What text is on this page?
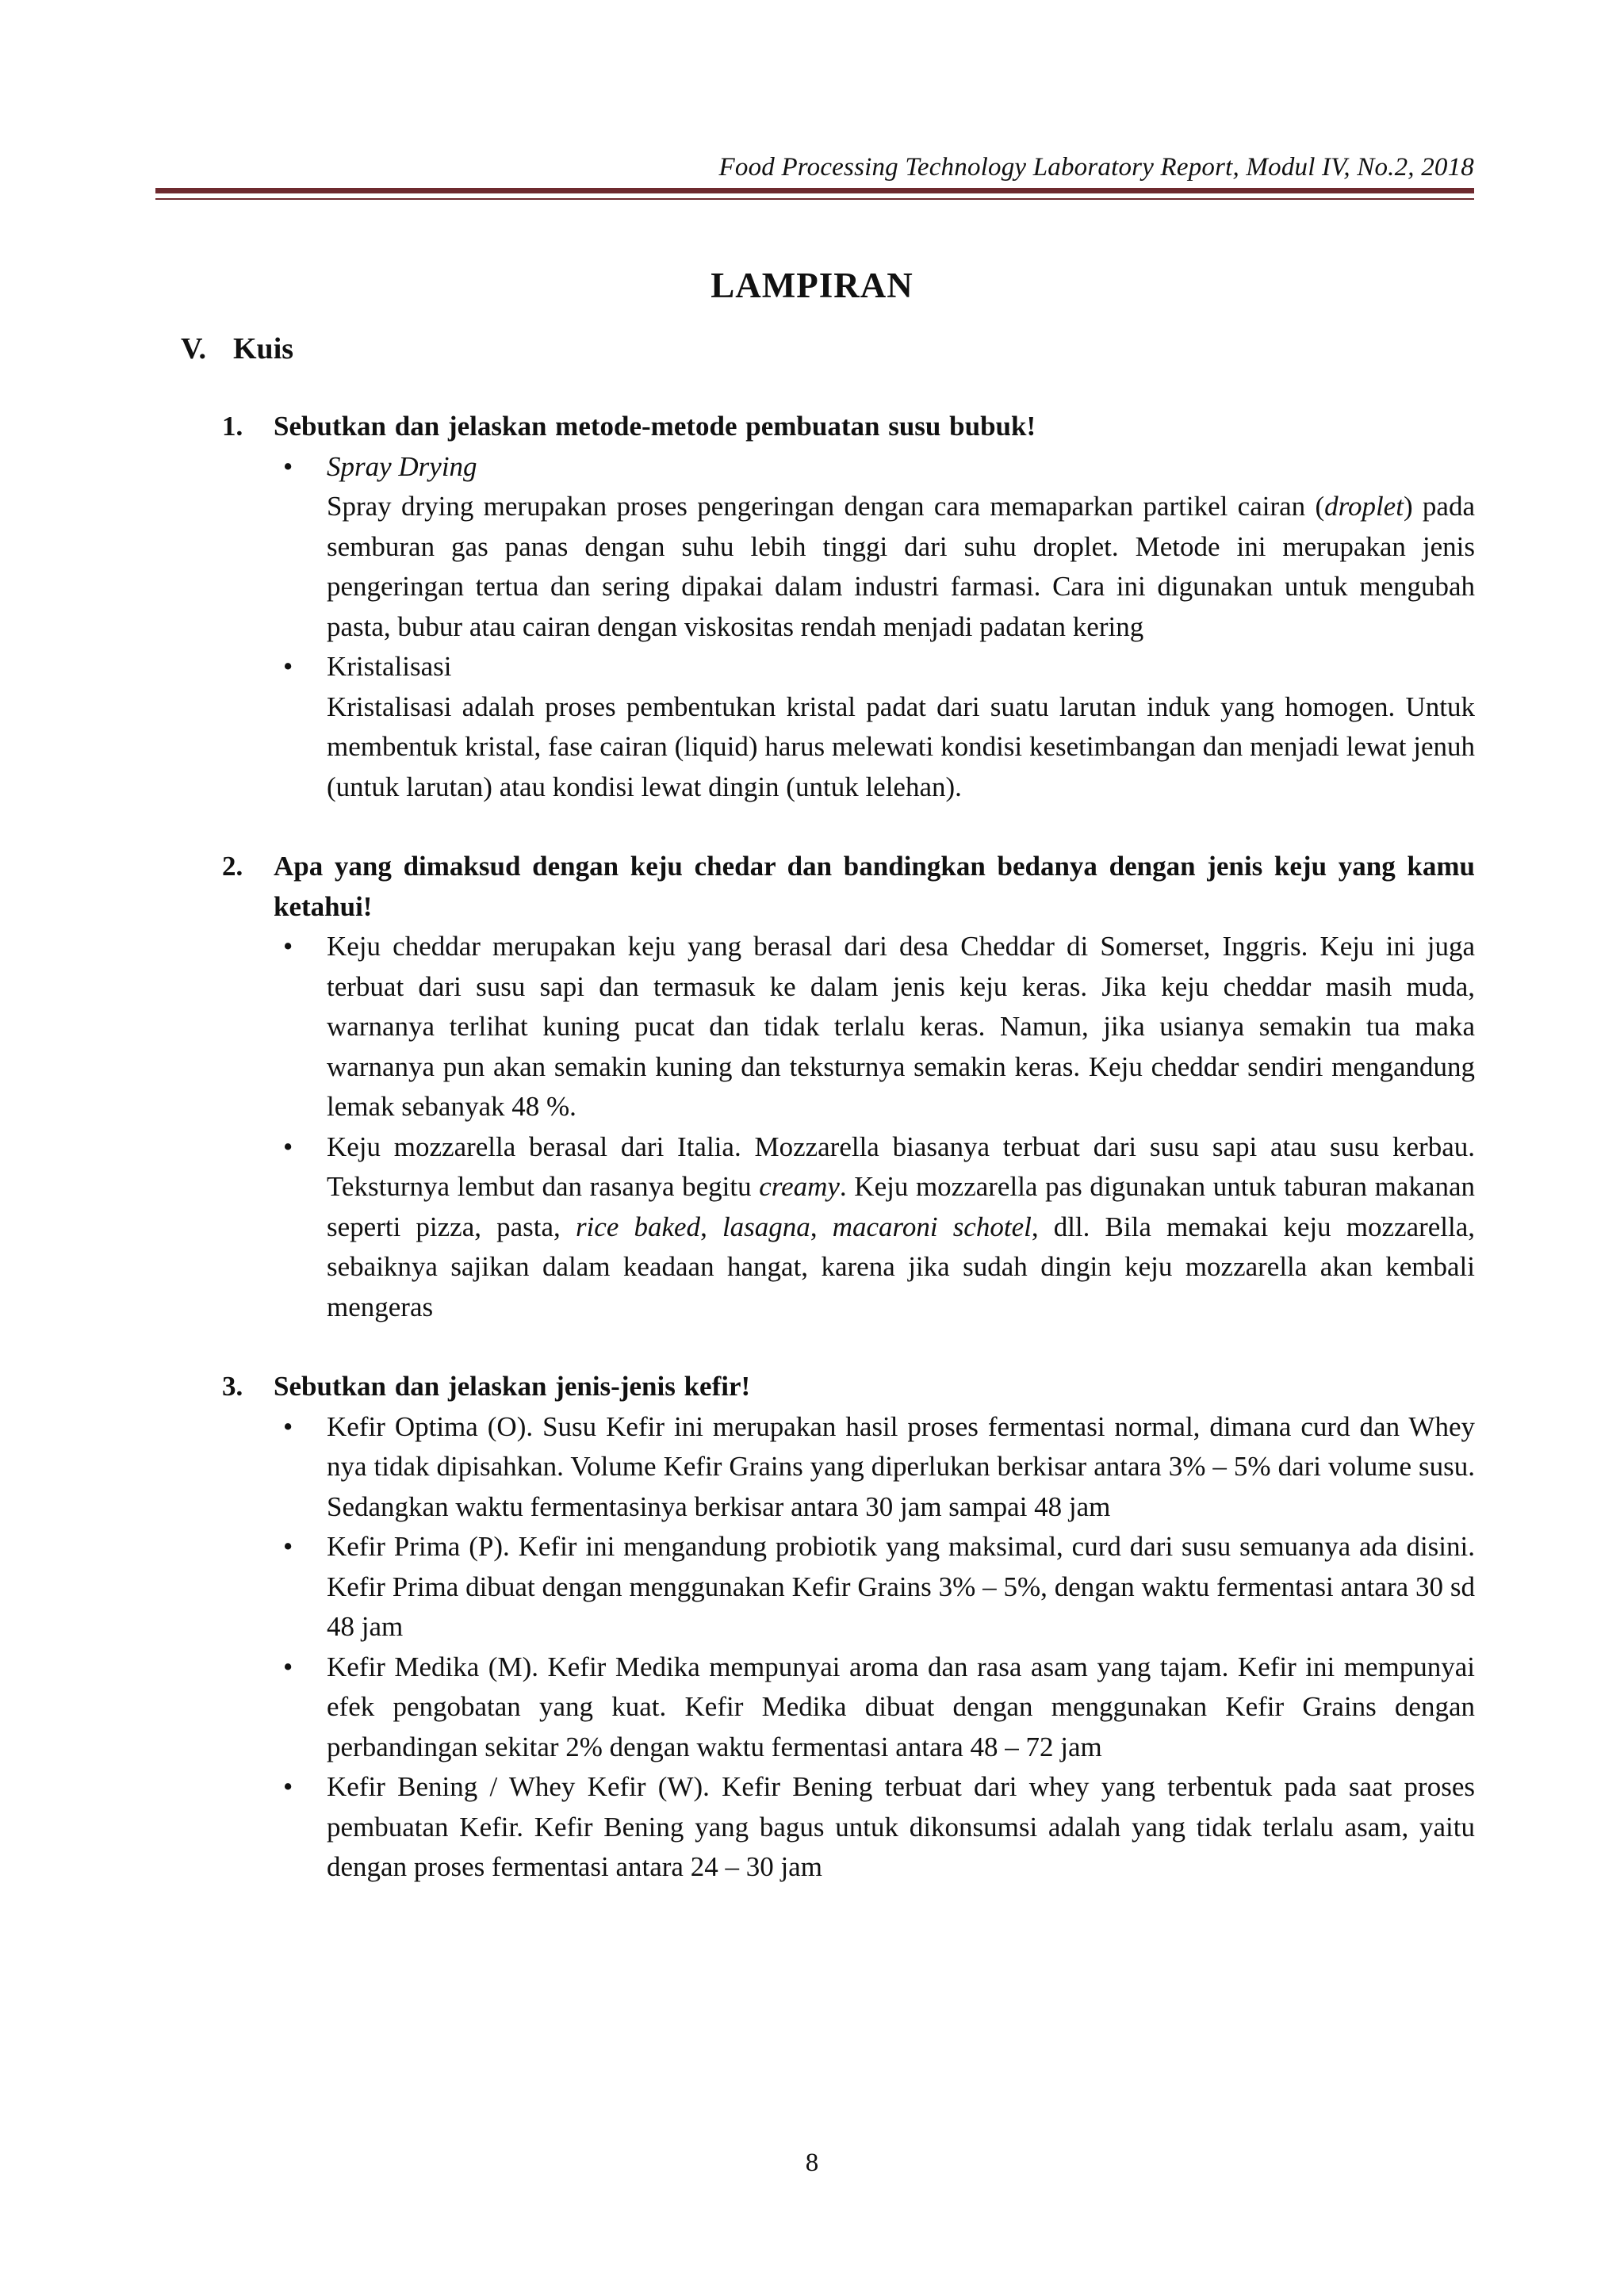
Food Processing Technology Laboratory Report, Modul IV, No.2, 2018
LAMPIRAN
V. Kuis
1.	Sebutkan dan jelaskan metode-metode pembuatan susu bubuk!
• Spray Drying
Spray drying merupakan proses pengeringan dengan cara memaparkan partikel cairan (droplet) pada semburan gas panas dengan suhu lebih tinggi dari suhu droplet. Metode ini merupakan jenis pengeringan tertua dan sering dipakai dalam industri farmasi. Cara ini digunakan untuk mengubah pasta, bubur atau cairan dengan viskositas rendah menjadi padatan kering
• Kristalisasi
Kristalisasi adalah proses pembentukan kristal padat dari suatu larutan induk yang homogen. Untuk membentuk kristal, fase cairan (liquid) harus melewati kondisi kesetimbangan dan menjadi lewat jenuh (untuk larutan) atau kondisi lewat dingin (untuk lelehan).
2.	Apa yang dimaksud dengan keju chedar dan bandingkan bedanya dengan jenis keju yang kamu ketahui!
• Keju cheddar merupakan keju yang berasal dari desa Cheddar di Somerset, Inggris. Keju ini juga terbuat dari susu sapi dan termasuk ke dalam jenis keju keras. Jika keju cheddar masih muda, warnanya terlihat kuning pucat dan tidak terlalu keras. Namun, jika usianya semakin tua maka warnanya pun akan semakin kuning dan teksturnya semakin keras. Keju cheddar sendiri mengandung lemak sebanyak 48 %.
• Keju mozzarella berasal dari Italia. Mozzarella biasanya terbuat dari susu sapi atau susu kerbau. Teksturnya lembut dan rasanya begitu creamy. Keju mozzarella pas digunakan untuk taburan makanan seperti pizza, pasta, rice baked, lasagna, macaroni schotel, dll. Bila memakai keju mozzarella, sebaiknya sajikan dalam keadaan hangat, karena jika sudah dingin keju mozzarella akan kembali mengeras
3.	Sebutkan dan jelaskan jenis-jenis kefir!
• Kefir Optima (O). Susu Kefir ini merupakan hasil proses fermentasi normal, dimana curd dan Whey nya tidak dipisahkan. Volume Kefir Grains yang diperlukan berkisar antara 3% – 5% dari volume susu. Sedangkan waktu fermentasinya berkisar antara 30 jam sampai 48 jam
• Kefir Prima (P). Kefir ini mengandung probiotik yang maksimal, curd dari susu semuanya ada disini. Kefir Prima dibuat dengan menggunakan Kefir Grains 3% – 5%, dengan waktu fermentasi antara 30 sd 48 jam
• Kefir Medika (M). Kefir Medika mempunyai aroma dan rasa asam yang tajam. Kefir ini mempunyai efek pengobatan yang kuat. Kefir Medika dibuat dengan menggunakan Kefir Grains dengan perbandingan sekitar 2% dengan waktu fermentasi antara 48 – 72 jam
• Kefir Bening / Whey Kefir (W). Kefir Bening terbuat dari whey yang terbentuk pada saat proses pembuatan Kefir. Kefir Bening yang bagus untuk dikonsumsi adalah yang tidak terlalu asam, yaitu dengan proses fermentasi antara 24 – 30 jam
8
